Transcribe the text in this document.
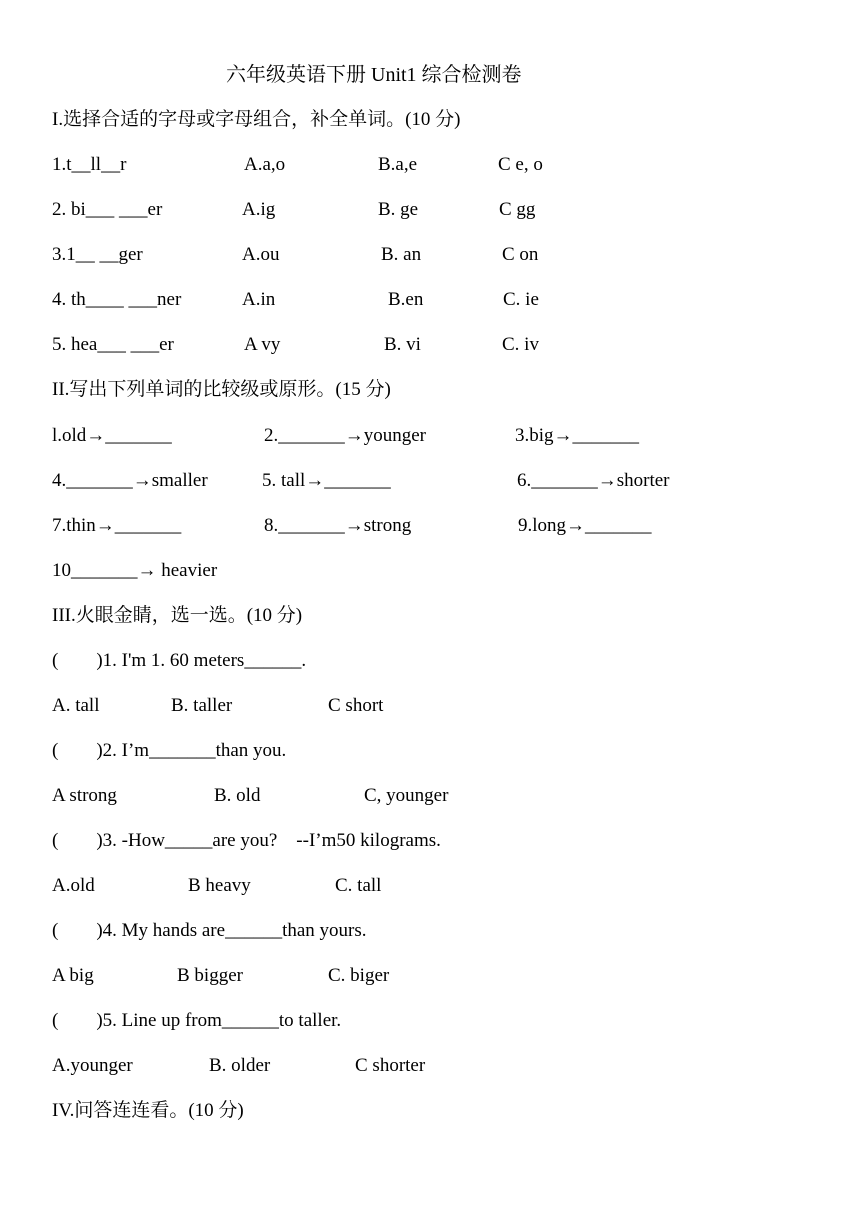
六年级英语下册 Unit1 综合检测卷
I.选择合适的字母或字母组合，补全单词。(10 分)
1.t__ll__r	A.a,o	B.a,e	C e, o
2. bi___ ___er	A.ig	B. ge	C gg
3.1__ __ger	A.ou	B. an	C on
4. th____ ___ner	A.in	B.en	C. ie
5. hea___ ___er	A vy	B. vi	C. iv
II.写出下列单词的比较级或原形。(15 分)
l.old→_______	2._______→younger	3.big→_______
4._______→smaller	5. tall→_______	6._______→shorter
7.thin→_______	8._______→strong	9.long→_______
10_______→ heavier
III.火眼金睛，选一选。(10 分)
(        )1. I'm 1. 60 meters______.
A. tall	B. taller	C short
(        )2. I’m_______than you.
A strong	B. old	C, younger
(        )3. -How_____are you?    --I’m50 kilograms.
A.old	B heavy	C. tall
(        )4. My hands are______than yours.
A big	B bigger	C. biger
(        )5. Line up from______to taller.
A.younger	B. older	C shorter
IV.问答连连看。(10 分)
